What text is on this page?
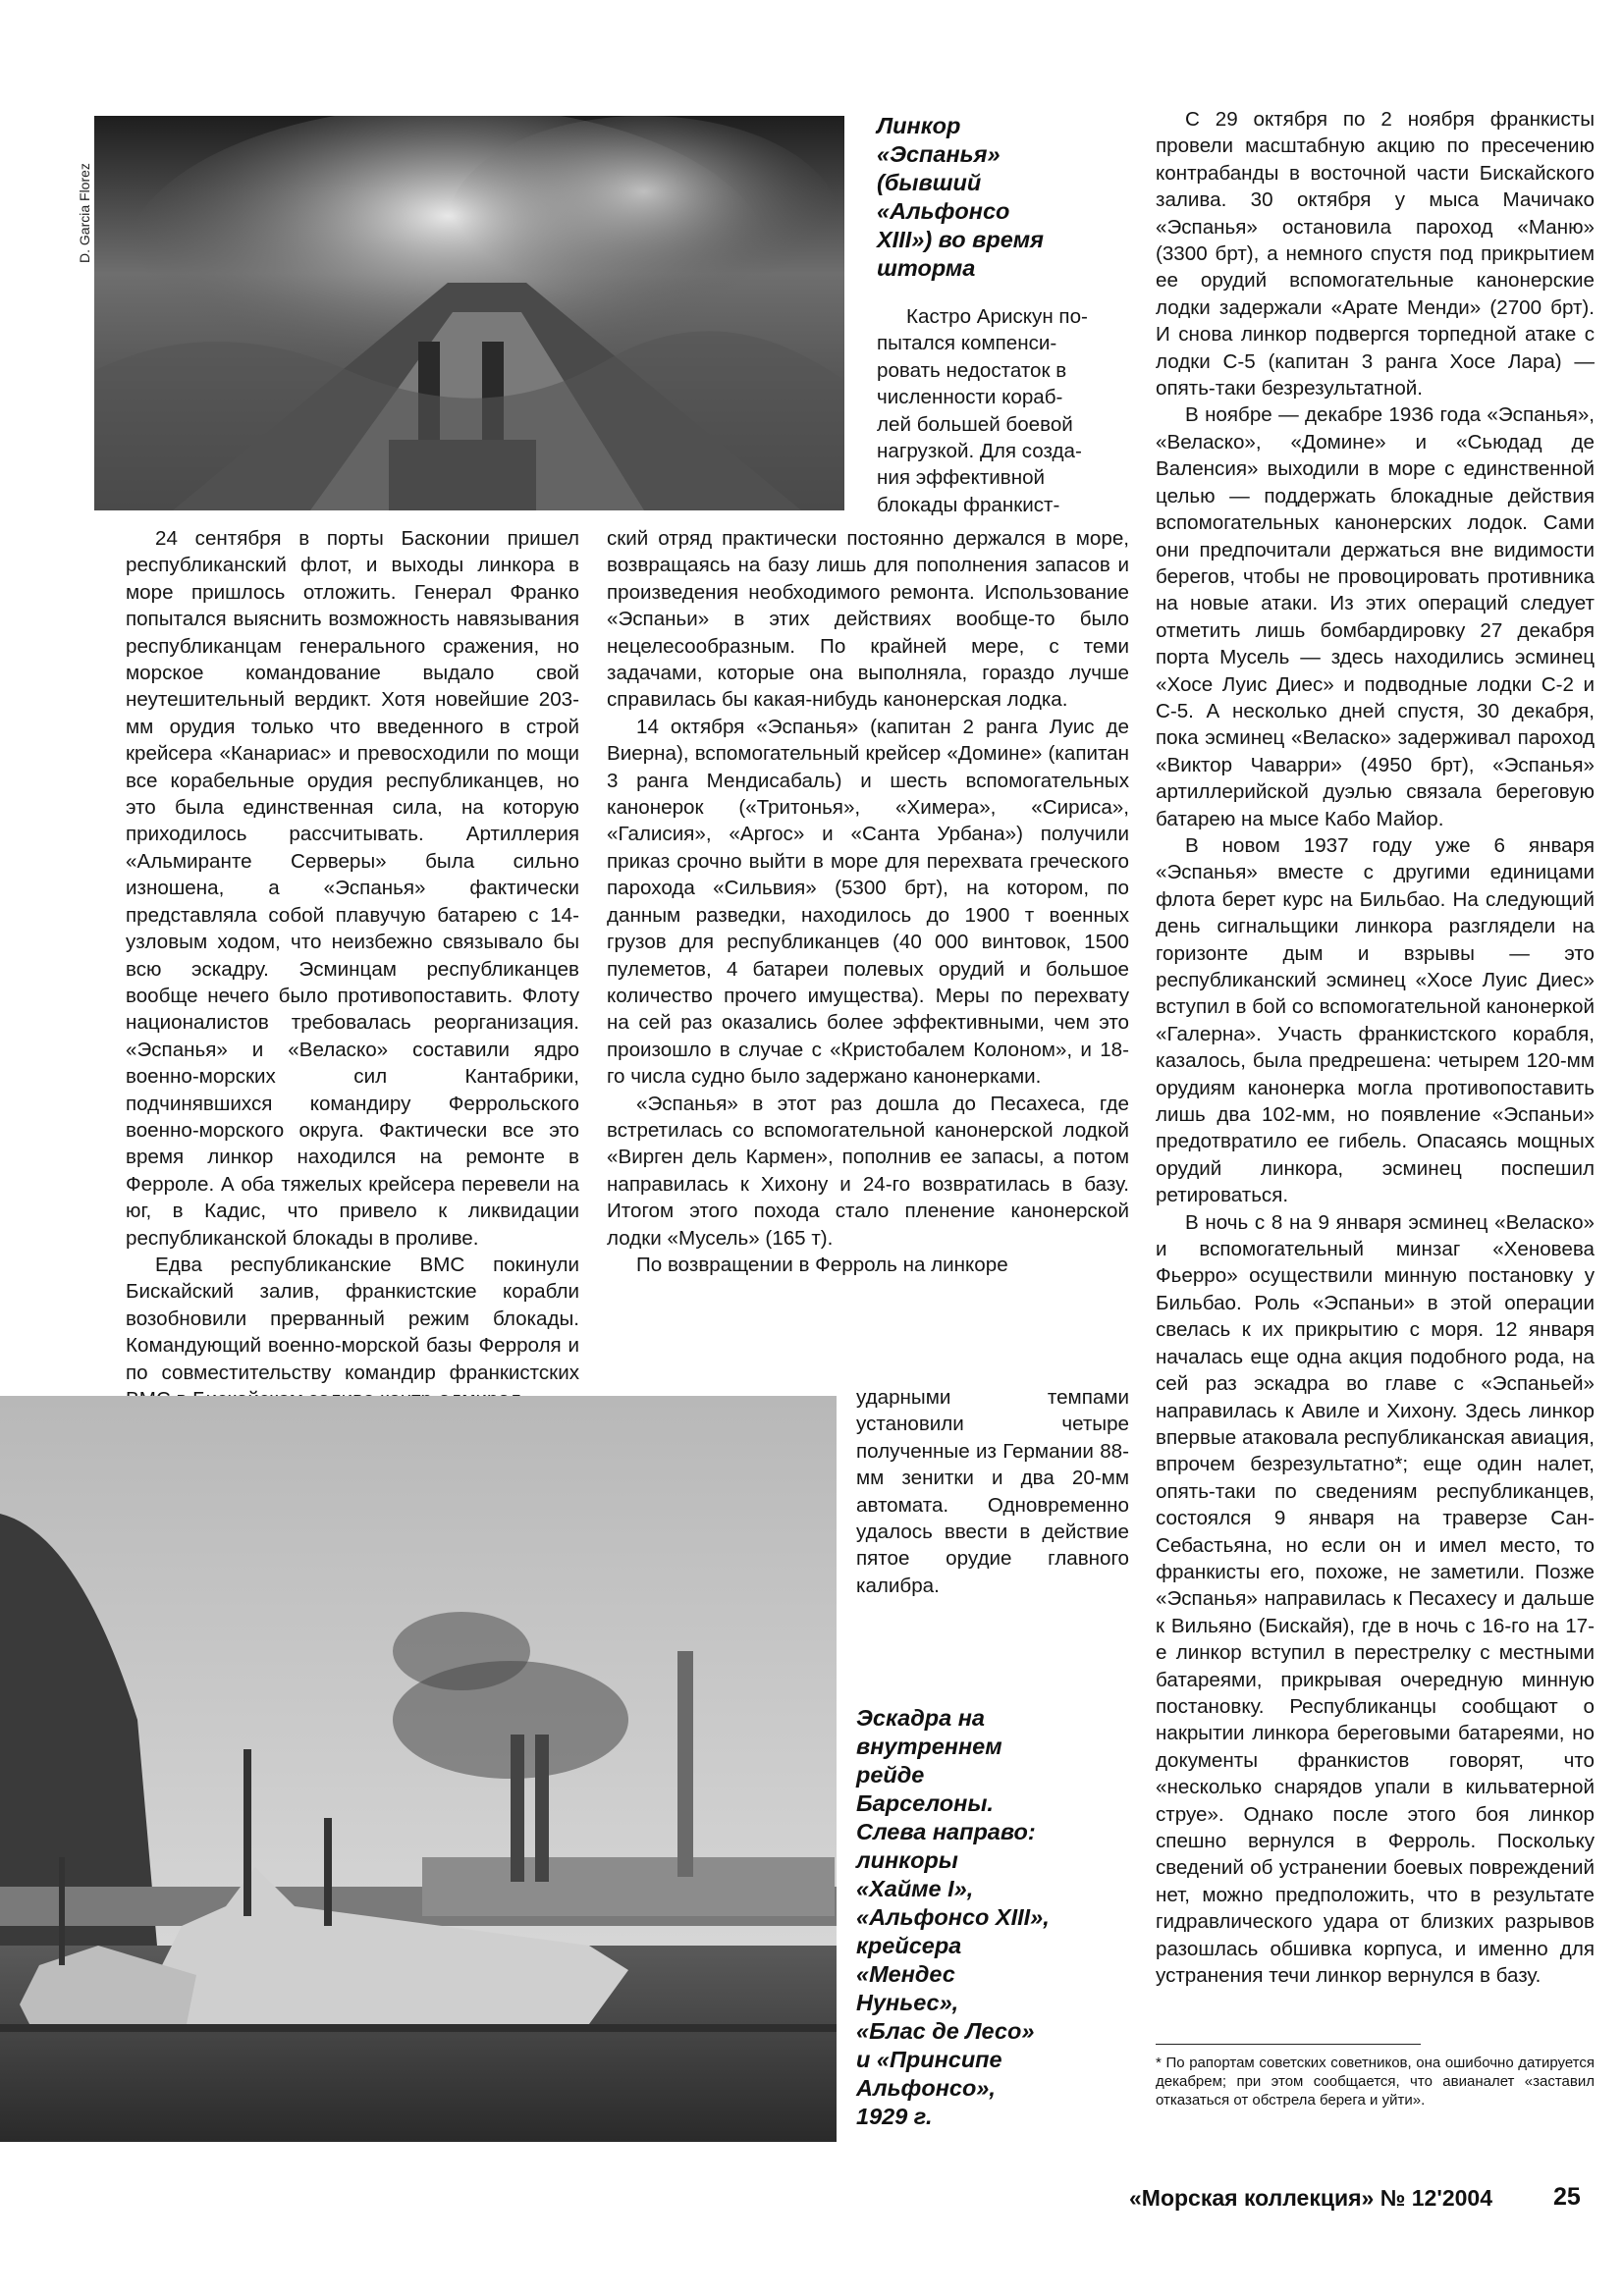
D. Garcia Florez

Линкор

«Эспанья»

(бывший

«Альфонсо

XIII») во время

шторма

Кастро Арискун по-

пытался компенси-

ровать недостаток в

численности кораб-

лей большей боевой

нагрузкой. Для созда-

ния эффективной

блокады франкист-

24 сентября в порты Басконии пришел республиканский флот, и выходы линкора в море пришлось отложить. Генерал Франко попытался выяснить возможность навязывания республиканцам генерального сражения, но морское командование выдало свой неутешительный вердикт. Хотя новейшие 203-мм орудия только что введенного в строй крейсера «Канариас» и превосходили по мощи все корабельные орудия республиканцев, но это была единственная сила, на которую приходилось рассчитывать. Артиллерия «Альмиранте Серверы» была сильно изношена, а «Эспанья» фактически представляла собой плавучую батарею с 14-узловым ходом, что неизбежно связывало бы всю эскадру. Эсминцам республиканцев вообще нечего было противопоставить. Флоту националистов требовалась реорганизация. «Эспанья» и «Веласко» составили ядро военно-морских сил Кантабрики, подчинявшихся командиру Феррольского военно-морского округа. Фактически все это время линкор находился на ремонте в Ферроле. А оба тяжелых крейсера перевели на юг, в Кадис, что привело к ликвидации республиканской блокады в проливе.

Едва республиканские ВМС покинули Бискайский залив, франкистские корабли возобновили прерванный режим блокады. Командующий военно-морской базы Ферроля и по совместительству командир франкистских

ский отряд практически постоянно держался в море, возвращаясь на базу лишь для пополнения запасов и произведения необходимого ремонта. Использование «Эспаньи» в этих действиях вообще-то было нецелесообразным. По крайней мере, с теми задачами, которые она выполняла, гораздо лучше справилась бы какая-нибудь канонерская лодка.

14 октября «Эспанья» (капитан 2 ранга Луис де Виерна), вспомогательный крейсер «Домине» (капитан 3 ранга Мендисабаль) и шесть вспомогательных канонерок («Тритонья», «Химера», «Сириса», «Галисия», «Аргос» и «Санта Урбана») получили приказ срочно выйти в море для перехвата греческого парохода «Сильвия» (5300 брт), на котором, по данным разведки, находилось до 1900 т военных грузов для республиканцев (40 000 винтовок, 1500 пулеметов, 4 батареи полевых орудий и большое количество прочего имущества). Меры по перехвату на сей раз оказались более эффективными, чем это произошло в случае с «Кристобалем Колоном», и 18-го числа судно было задержано канонерками.

«Эспанья» в этот раз дошла до Песахеса, где встретилась со вспомогательной канонерской лодкой «Вирген дель Кармен», пополнив ее запасы, а потом направилась к Хихону и 24-го возвратилась в базу. Итогом этого похода стало пленение канонерской лодки «Мусель» (165 т).

По возвращении в Ферроль на линкоре

ударными темпами установили четыре полученные из Германии 88-мм зенитки и два 20-мм автомата. Одновременно удалось ввести в действие пятое орудие главного калибра.

С 29 октября по 2 ноября франкисты провели масштабную акцию по пресечению контрабанды в восточной части Бискайского залива. 30 октября у мыса Мачичако «Эспанья» остановила пароход «Маню» (3300 брт), а немного спустя под прикрытием ее орудий вспомогательные канонерские лодки задержали «Арате Менди» (2700 брт). И снова линкор подвергся торпедной атаке с лодки С-5 (капитан 3 ранга Хосе Лара) — опять-таки безрезультатной.

В ноябре — декабре 1936 года «Эспанья», «Веласко», «Домине» и «Сьюдад де Валенсия» выходили в море с единственной целью — поддержать блокадные действия вспомогательных канонерских лодок. Сами они предпочитали держаться вне видимости берегов, чтобы не провоцировать противника на новые атаки. Из этих операций следует отметить лишь бомбардировку 27 декабря порта Мусель — здесь находились эсминец «Хосе Луис Диес» и подводные лодки С-2 и С-5. А несколько дней спустя, 30 декабря, пока эсминец «Веласко» задерживал пароход «Виктор Чаварри» (4950 брт), «Эспанья» артиллерийской дуэлью связала береговую батарею на мысе Кабо Майор.

В новом 1937 году уже 6 января «Эспанья» вместе с другими единицами флота берет курс на Бильбао. На следующий день сигнальщики линкора разглядели на горизонте дым и взрывы — это республиканский эсминец «Хосе Луис Диес» вступил в бой со вспомогательной канонеркой «Галерна». Участь франкистского корабля, казалось, была предрешена: четырем 120-мм орудиям канонерка могла противопоставить лишь два 102-мм, но появление «Эспаньи» предотвратило ее гибель. Опасаясь мощных орудий линкора, эсминец поспешил ретироваться.

В ночь с 8 на 9 января эсминец «Веласко» и вспомогательный минзаг «Хеновева Фьерро» осуществили минную постановку у Бильбао. Роль «Эспаньи» в этой операции свелась к их прикрытию с моря. 12 января началась еще одна акция подобного рода, на сей раз эскадра во главе с «Эспаньей» направилась к Авиле и Хихону. Здесь линкор впервые атаковала республиканская авиация, впрочем безрезультатно*; еще один налет, опять-таки по сведениям республиканцев, состоялся 9 января на траверзе Сан-Себастьяна, но если он и имел место, то франкисты его, похоже, не заметили. Позже «Эспанья» направилась к Песахесу и дальше к Вильяно (Бискайя), где в ночь с 16-го на 17-е линкор вступил в перестрелку с местными батареями, прикрывая очередную минную постановку. Республиканцы сообщают о накрытии линкора береговыми батареями, но документы франкистов говорят, что «несколько снарядов упали в кильватерной струе». Однако после этого боя линкор спешно вернулся в Ферроль. Поскольку сведений об устранении боевых повреждений нет, можно предположить, что в результате гидравлического удара от близких разрывов разошлась обшивка корпуса, и именно для устранения течи линкор вернулся в базу.

Эскадра на

внутреннем

рейде

Барселоны.

Слева направо:

линкоры

«Хайме I»,

«Альфонсо XIII»,

крейсера

«Мендес

Нуньес»,

«Блас де Лесо»

и «Принсипе

Альфонсо»,

1929 г.

* По рапортам советских советников, она ошибочно датируется декабрем; при этом сообщается, что авианалет «заставил отказаться от обстрела берега и уйти».
«Морская коллекция» № 12'2004 25
